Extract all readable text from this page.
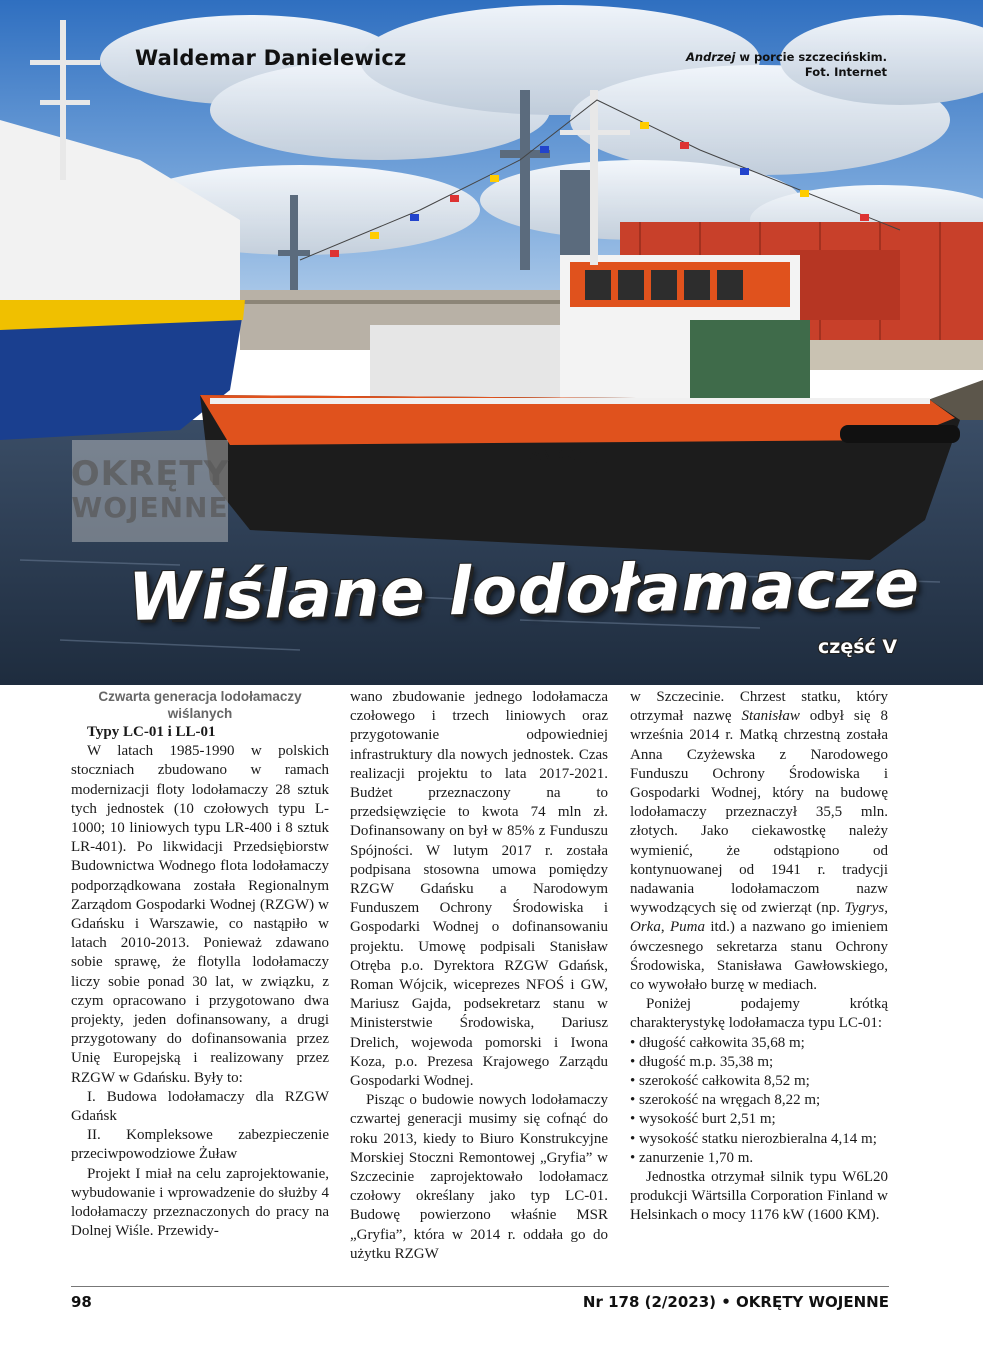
ANDRZEJ
Waldemar Danielewicz	Andrzej w porcie szczecińskim.
Fot. Internet
OKRĘTY
WOJENNE
Wiślane lodołamacze
część V
Czwarta generacja lodołamaczy wiślanych

Typy LC-01 i LL-01

W latach 1985-1990 w polskich stoczniach zbudowano w ramach modernizacji floty lodołamaczy 28 sztuk tych jednostek (10 czołowych typu L-1000; 10 liniowych typu LR-400 i 8 sztuk LR-401). Po likwidacji Przedsiębiorstw Budownictwa Wodnego flota lodołamaczy podporządkowana została Regionalnym Zarządom Gospodarki Wodnej (RZGW) w Gdańsku i Warszawie, co nastąpiło w latach 2010-2013. Ponieważ zdawano sobie sprawę, że flotylla lodołamaczy liczy sobie ponad 30 lat, w związku, z czym opracowano i przygotowano dwa projekty, jeden dofinansowany, a drugi przygotowany do dofinansowania przez Unię Europejską i realizowany przez RZGW w Gdańsku. Były to:

I. Budowa lodołamaczy dla RZGW Gdańsk

II. Kompleksowe zabezpieczenie przeciwpowodziowe Żuław

Projekt I miał na celu zaprojektowanie, wybudowanie i wprowadzenie do służby 4 lodołamaczy przeznaczonych do pracy na Dolnej Wiśle. Przewidy-

wano zbudowanie jednego lodołamacza czołowego i trzech liniowych oraz przygotowanie odpowiedniej infrastruktury dla nowych jednostek. Czas realizacji projektu to lata 2017-2021. Budżet przeznaczony na to przedsięwzięcie to kwota 74 mln zł. Dofinansowany on był w 85% z Funduszu Spójności. W lutym 2017 r. została podpisana stosowna umowa pomiędzy RZGW Gdańsku a Narodowym Funduszem Ochrony Środowiska i Gospodarki Wodnej o dofinansowaniu projektu. Umowę podpisali Stanisław Otręba p.o. Dyrektora RZGW Gdańsk, Roman Wójcik, wiceprezes NFOŚ i GW, Mariusz Gajda, podsekretarz stanu w Ministerstwie Środowiska, Dariusz Drelich, wojewoda pomorski i Iwona Koza, p.o. Prezesa Krajowego Zarządu Gospodarki Wodnej.

Pisząc o budowie nowych lodołamaczy czwartej generacji musimy się cofnąć do roku 2013, kiedy to Biuro Konstrukcyjne Morskiej Stoczni Remontowej „Gryfia” w Szczecinie zaprojektowało lodołamacz czołowy określany jako typ LC-01. Budowę powierzono właśnie MSR „Gryfia”, która w 2014 r. oddała go do użytku RZGW

w Szczecinie. Chrzest statku, który otrzymał nazwę Stanisław odbył się 8 września 2014 r. Matką chrzestną została Anna Czyżewska z Narodowego Funduszu Ochrony Środowiska i Gospodarki Wodnej, który na budowę lodołamaczy przeznaczył 35,5 mln. złotych. Jako ciekawostkę należy wymienić, że odstąpiono od kontynuowanej od 1941 r. tradycji nadawania lodołamaczom nazw wywodzących się od zwierząt (np. Tygrys, Orka, Puma itd.) a nazwano go imieniem ówczesnego sekretarza stanu Ochrony Środowiska, Stanisława Gawłowskiego, co wywołało burzę w mediach.

Poniżej podajemy krótką charakterystykę lodołamacza typu LC-01:

• długość całkowita 35,68 m;
• długość m.p. 35,38 m;
• szerokość całkowita 8,52 m;
• szerokość na wręgach 8,22 m;
• wysokość burt 2,51 m;
• wysokość statku nierozbieralna 4,14 m;
• zanurzenie 1,70 m.

Jednostka otrzymał silnik typu W6L20 produkcji Wärtsilla Corporation Finland w Helsinkach o mocy 1176 kW (1600 KM).

98	Nr 178 (2/2023) • OKRĘTY WOJENNE
